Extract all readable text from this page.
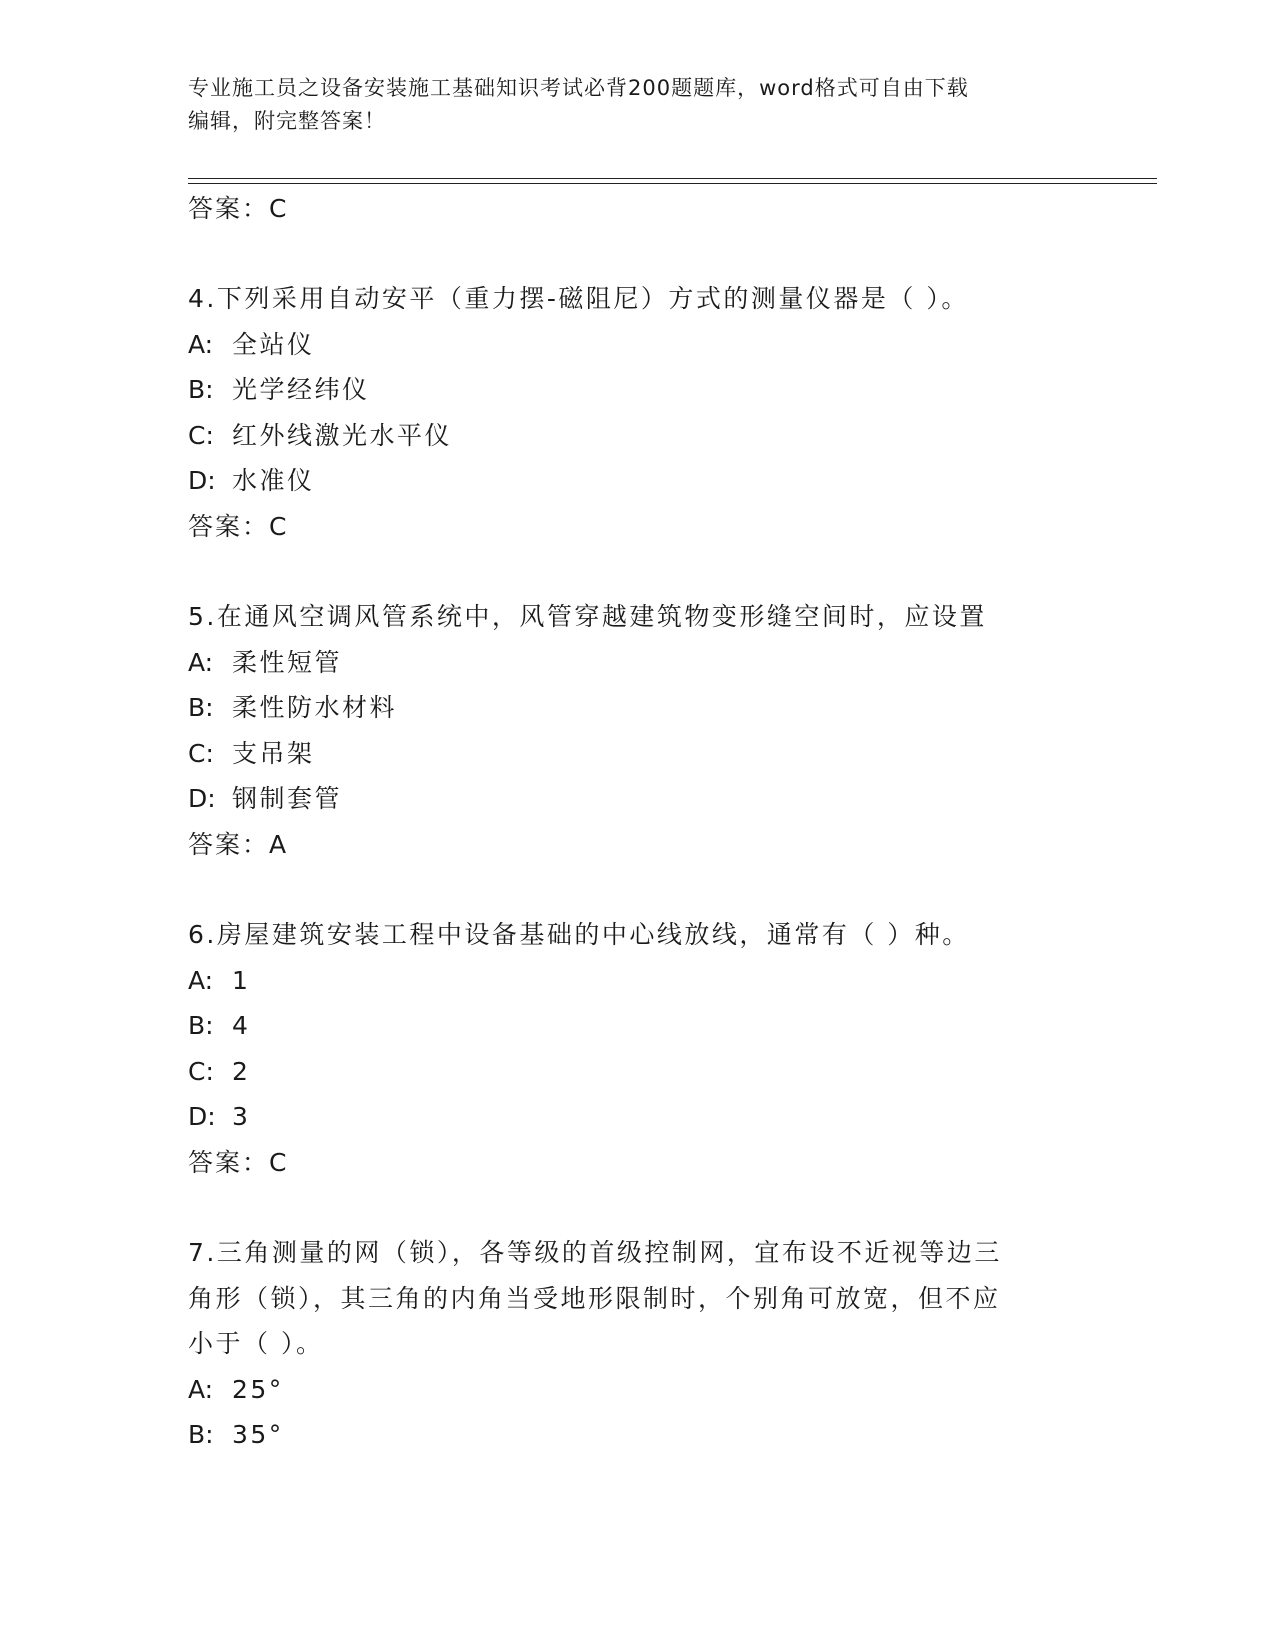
专业施工员之设备安装施工基础知识考试必背200题题库，word格式可自由下载
编辑，附完整答案！
答案：C
4.下列采用自动安平（重力摆-磁阻尼）方式的测量仪器是（ ）。
A: 全站仪
B: 光学经纬仪
C: 红外线激光水平仪
D: 水准仪
答案：C
5.在通风空调风管系统中，风管穿越建筑物变形缝空间时，应设置
A: 柔性短管
B: 柔性防水材料
C: 支吊架
D: 钢制套管
答案：A
6.房屋建筑安装工程中设备基础的中心线放线，通常有（ ）种。
A: 1
B: 4
C: 2
D: 3
答案：C
7.三角测量的网（锁），各等级的首级控制网，宜布设不近视等边三
角形（锁），其三角的内角当受地形限制时，个别角可放宽，但不应
小于（ ）。
A: 25°
B: 35°
